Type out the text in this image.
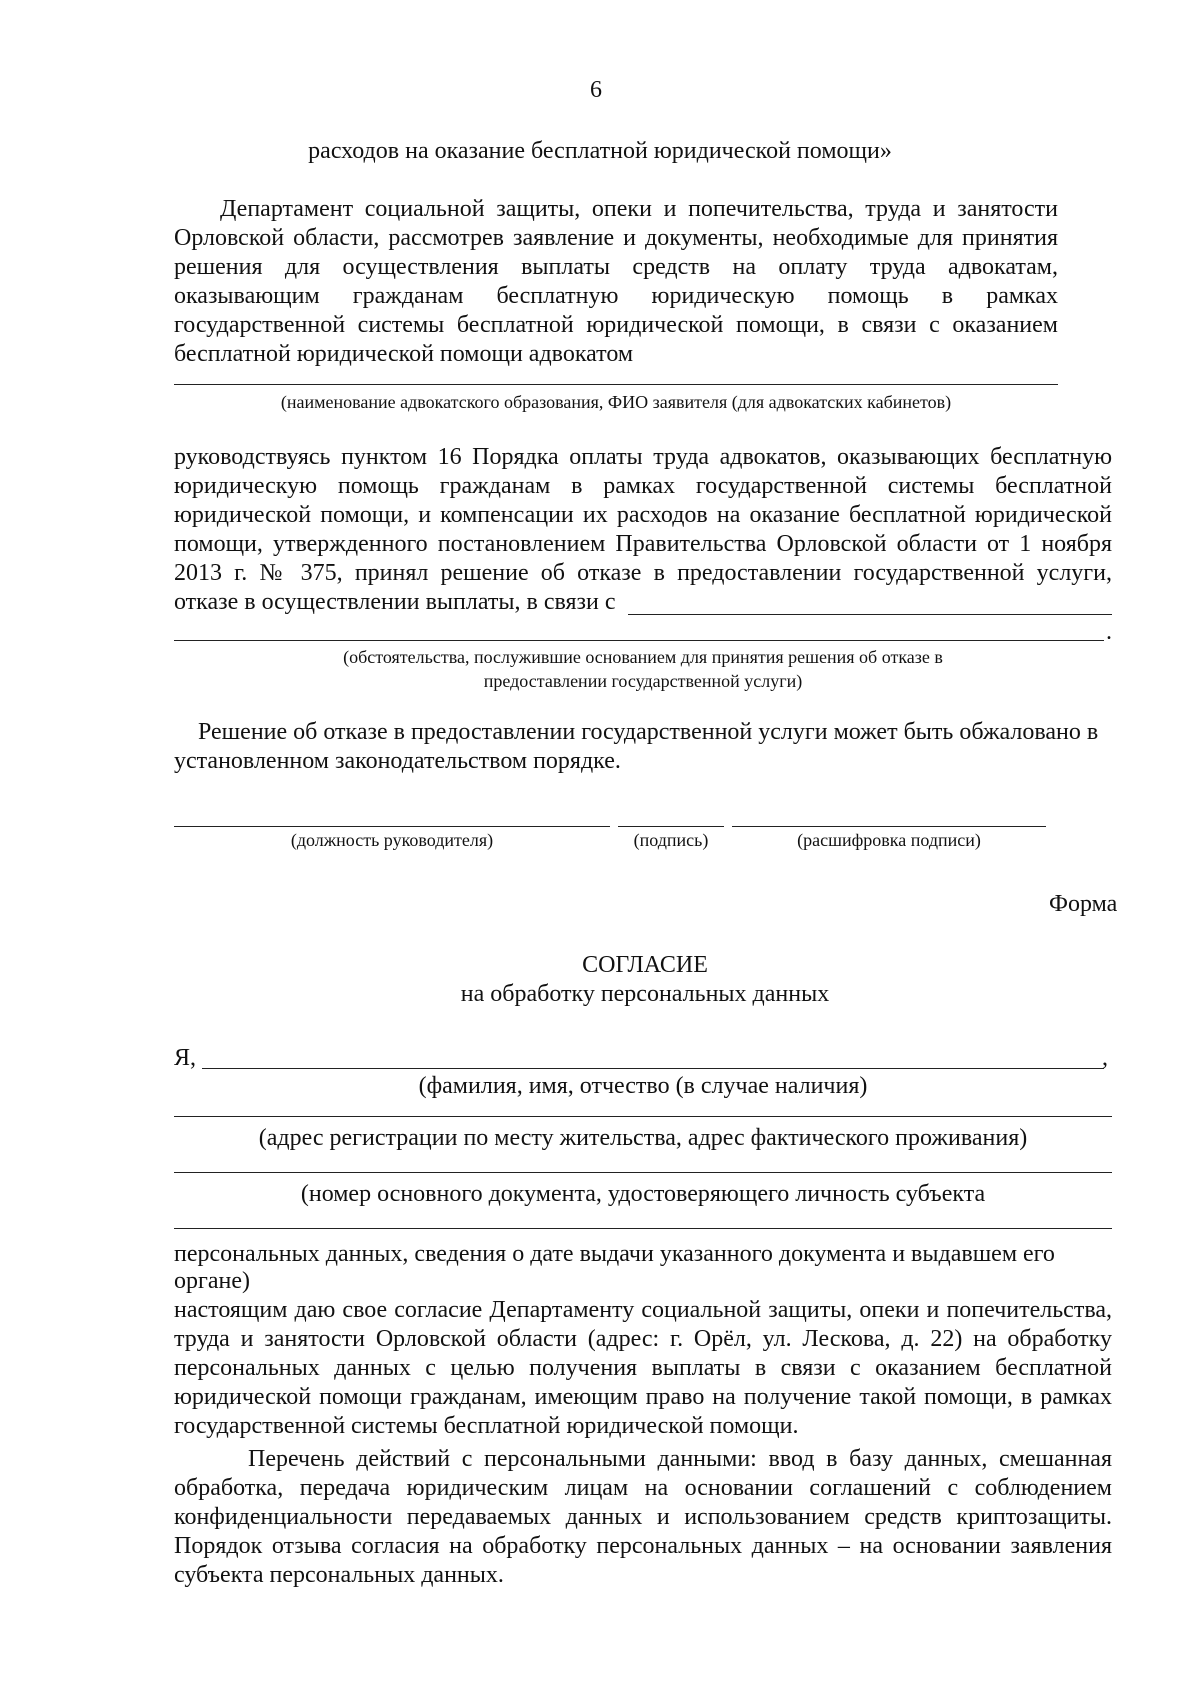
6
расходов на оказание бесплатной юридической помощи»
Департамент социальной защиты, опеки и попечительства, труда и занятости
Орловской области, рассмотрев заявление и документы, необходимые для принятия
решения для осуществления выплаты средств на оплату труда адвокатам,
оказывающим гражданам бесплатную юридическую помощь в рамках
государственной системы бесплатной юридической помощи, в связи с оказанием
бесплатной юридической помощи адвокатом
(наименование адвокатского образования, ФИО заявителя (для адвокатских кабинетов)
руководствуясь пунктом 16 Порядка оплаты труда адвокатов, оказывающих бесплатную
юридическую помощь гражданам в рамках государственной системы бесплатной
юридической помощи, и компенсации их расходов на оказание бесплатной юридической
помощи, утвержденного постановлением Правительства Орловской области от 1 ноября
2013 г. № 375, принял решение об отказе в предоставлении государственной услуги,
отказе в осуществлении выплаты, в связи с
.
(обстоятельства, послужившие основанием для принятия решения об отказе в
предоставлении государственной услуги)
Решение об отказе в предоставлении государственной услуги может быть обжаловано в
установленном законодательством порядке.
(должность руководителя)	(подпись)	(расшифровка подписи)
Форма
СОГЛАСИЕ
на обработку персональных данных
Я,	,
(фамилия, имя, отчество (в случае наличия)
(адрес регистрации по месту жительства, адрес фактического проживания)
(номер основного документа, удостоверяющего личность субъекта
персональных данных, сведения о дате выдачи указанного документа и выдавшем его
органе)
настоящим даю свое согласие Департаменту социальной защиты, опеки и попечительства,
труда и занятости Орловской области (адрес: г. Орёл, ул. Лескова, д. 22) на обработку
персональных данных с целью получения выплаты в связи с оказанием бесплатной
юридической помощи гражданам, имеющим право на получение такой помощи, в рамках
государственной системы бесплатной юридической помощи.
Перечень действий с персональными данными: ввод в базу данных, смешанная
обработка, передача юридическим лицам на основании соглашений с соблюдением
конфиденциальности передаваемых данных и использованием средств криптозащиты.
Порядок отзыва согласия на обработку персональных данных – на основании заявления
субъекта персональных данных.
